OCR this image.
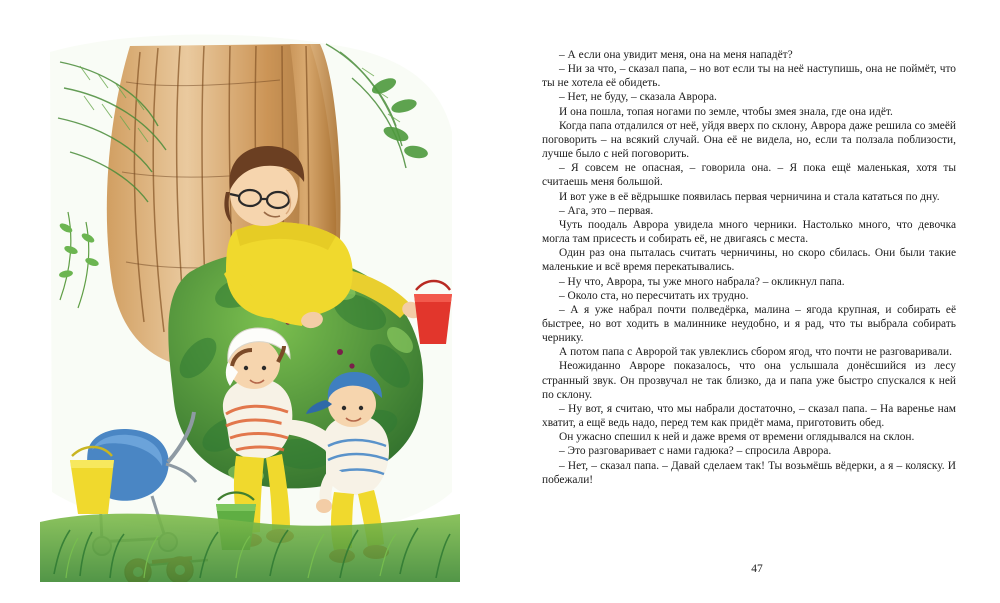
– А если она увидит меня, она на меня нападёт?

– Ни за что, – сказал папа, – но вот если ты на неё наступишь, она не поймёт, что ты не хотела её обидеть.

– Нет, не буду, – сказала Аврора.

И она пошла, топая ногами по земле, чтобы змея знала, где она идёт.

Когда папа отдалился от неё, уйдя вверх по склону, Аврора даже решила со змеёй поговорить – на всякий случай. Она её не видела, но, если та ползала поблизости, лучше было с ней поговорить.

– Я совсем не опасная, – говорила она. – Я пока ещё маленькая, хотя ты считаешь меня большой.

И вот уже в её вёдрышке появилась первая черничина и стала кататься по дну.

– Ага, это – первая.

Чуть поодаль Аврора увидела много черники. Настолько много, что девочка могла там присесть и собирать её, не двигаясь с места.

Один раз она пыталась считать черничины, но скоро сбилась. Они были такие маленькие и всё время перекатывались.

– Ну что, Аврора, ты уже много набрала? – окликнул папа.

– Около ста, но пересчитать их трудно.

– А я уже набрал почти полведёрка, малина – ягода крупная, и собирать её быстрее, но вот ходить в малиннике неудобно, и я рад, что ты выбрала собирать чернику.

А потом папа с Авророй так увлеклись сбором ягод, что почти не разговаривали.

Неожиданно Авроре показалось, что она услышала донёсшийся из лесу странный звук. Он прозвучал не так близко, да и папа уже быстро спускался к ней по склону.

– Ну вот, я считаю, что мы набрали достаточно, – сказал папа. – На варенье нам хватит, а ещё ведь надо, перед тем как придёт мама, приготовить обед.

Он ужасно спешил к ней и даже время от времени оглядывался на склон.

– Это разговаривает с нами гадюка? – спросила Аврора.

– Нет, – сказал папа. – Давай сделаем так! Ты возьмёшь вёдерки, а я – коляску. И побежали!

47
